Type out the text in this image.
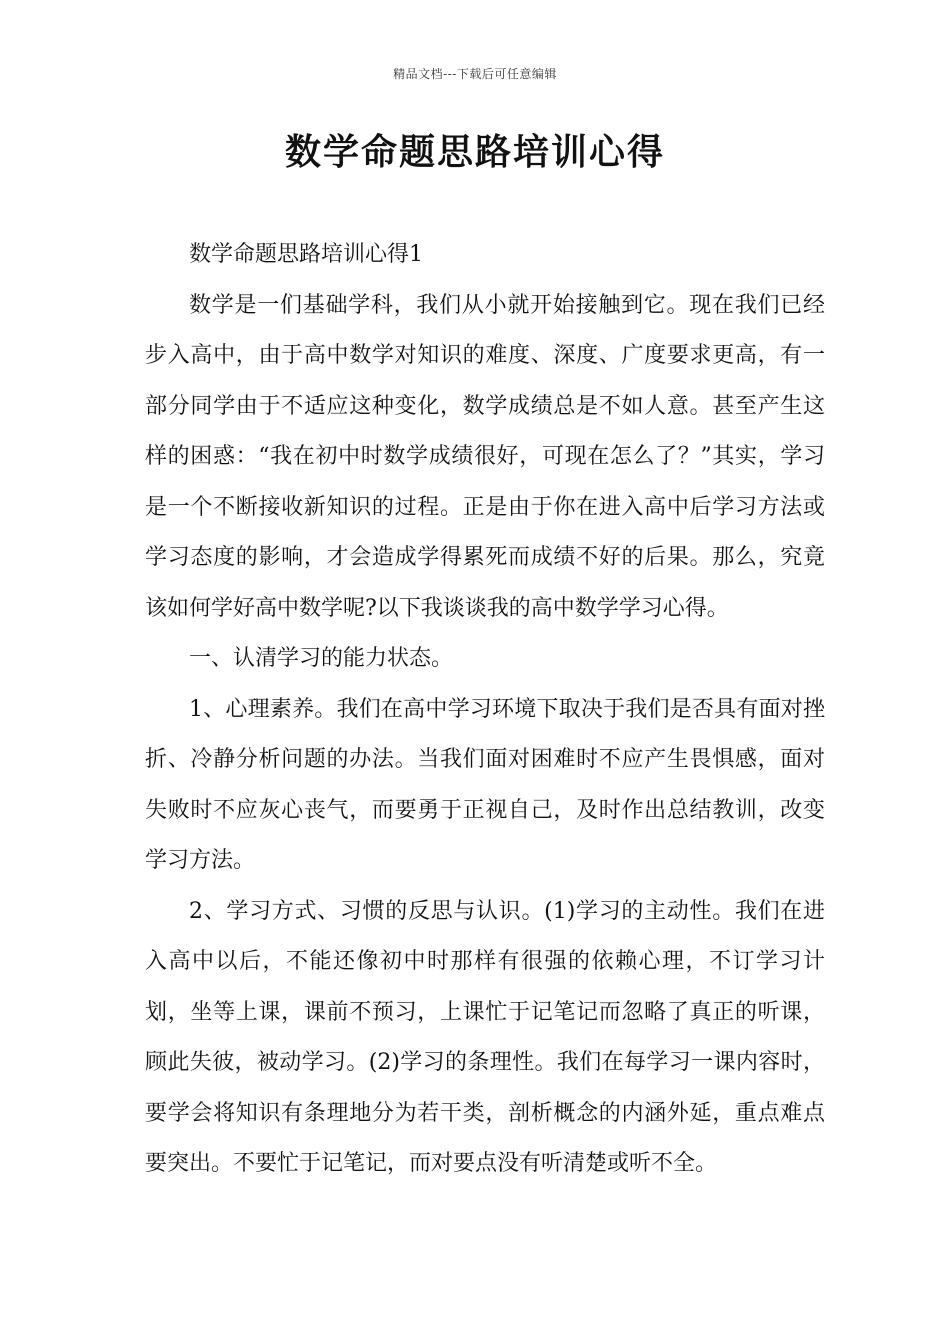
精品文档---下载后可任意编辑
数学命题思路培训心得

数学命题思路培训心得1

数学是一们基础学科，我们从小就开始接触到它。现在我们已经步入高中，由于高中数学对知识的难度、深度、广度要求更高，有一部分同学由于不适应这种变化，数学成绩总是不如人意。甚至产生这样的困惑：“我在初中时数学成绩很好，可现在怎么了？”其实，学习是一个不断接收新知识的过程。正是由于你在进入高中后学习方法或学习态度的影响，才会造成学得累死而成绩不好的后果。那么，究竟该如何学好高中数学呢?以下我谈谈我的高中数学学习心得。

一、认清学习的能力状态。

1、心理素养。我们在高中学习环境下取决于我们是否具有面对挫折、冷静分析问题的办法。当我们面对困难时不应产生畏惧感，面对失败时不应灰心丧气，而要勇于正视自己，及时作出总结教训，改变学习方法。

2、学习方式、习惯的反思与认识。(1)学习的主动性。我们在进入高中以后，不能还像初中时那样有很强的依赖心理，不订学习计划，坐等上课，课前不预习，上课忙于记笔记而忽略了真正的听课，顾此失彼，被动学习。(2)学习的条理性。我们在每学习一课内容时，要学会将知识有条理地分为若干类，剖析概念的内涵外延，重点难点要突出。不要忙于记笔记，而对要点没有听清楚或听不全。
